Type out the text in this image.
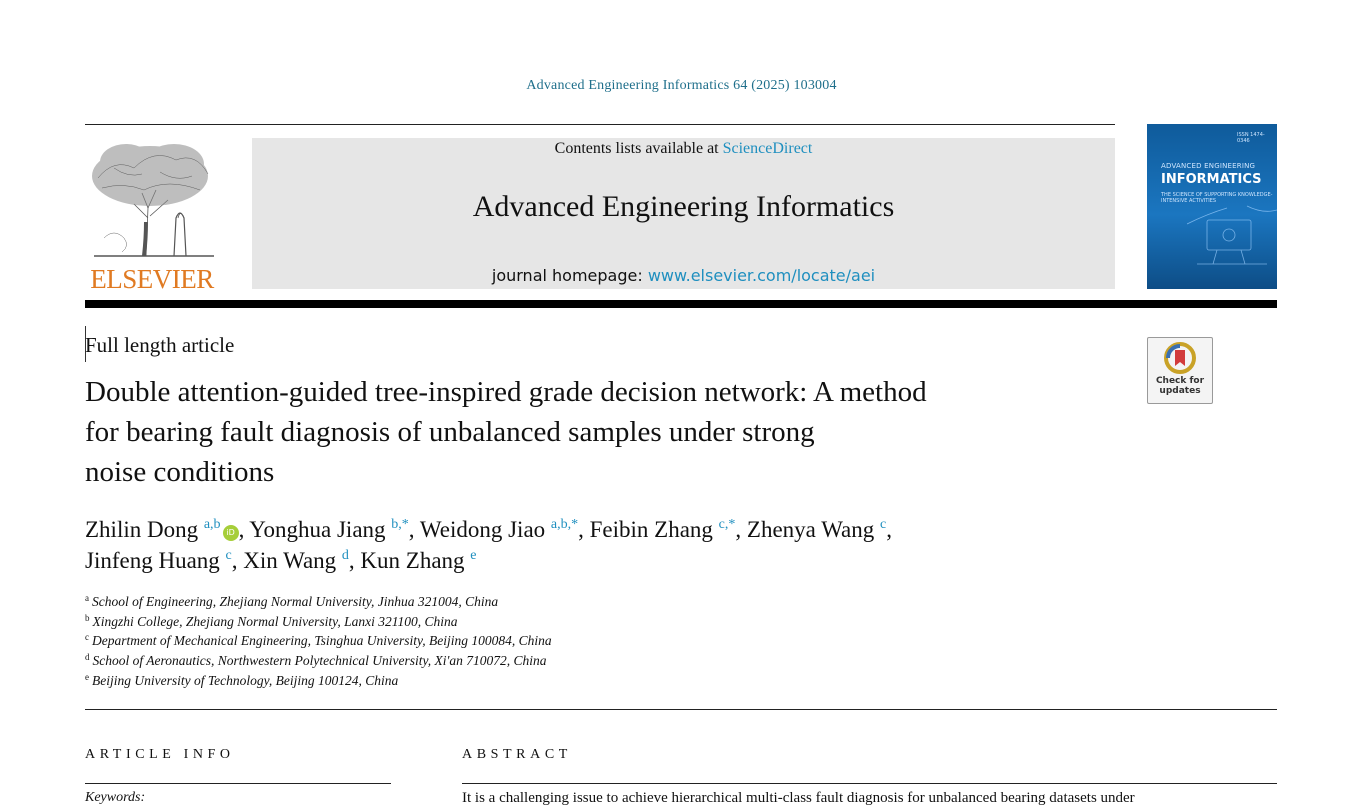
Advanced Engineering Informatics 64 (2025) 103004
ELSEVIER
Contents lists available at ScienceDirect
Advanced Engineering Informatics
journal homepage: www.elsevier.com/locate/aei
ISSN 1474-0346
ADVANCED ENGINEERING
INFORMATICS
THE SCIENCE OF SUPPORTING KNOWLEDGE-INTENSIVE ACTIVITIES
Full length article
Check for
updates
Double attention-guided tree-inspired grade decision network: A method
for bearing fault diagnosis of unbalanced samples under strong
noise conditions
Zhilin Dong $^{a,b}$iD , Yonghua Jiang $^{b,*}$, Weidong Jiao $^{a,b,*}$, Feibin Zhang $^{c,*}$, Zhenya Wang $^c$,
Jinfeng Huang $^c$, Xin Wang $^d$, Kun Zhang $^e$
$^a$ School of Engineering, Zhejiang Normal University, Jinhua 321004, China
$^b$ Xingzhi College, Zhejiang Normal University, Lanxi 321100, China
$^c$ Department of Mechanical Engineering, Tsinghua University, Beijing 100084, China
$^d$ School of Aeronautics, Northwestern Polytechnical University, Xi'an 710072, China
$^e$ Beijing University of Technology, Beijing 100124, China
ARTICLE INFO	ABSTRACT
Keywords:	It is a challenging issue to achieve hierarchical multi-class fault diagnosis for unbalanced bearing datasets under
